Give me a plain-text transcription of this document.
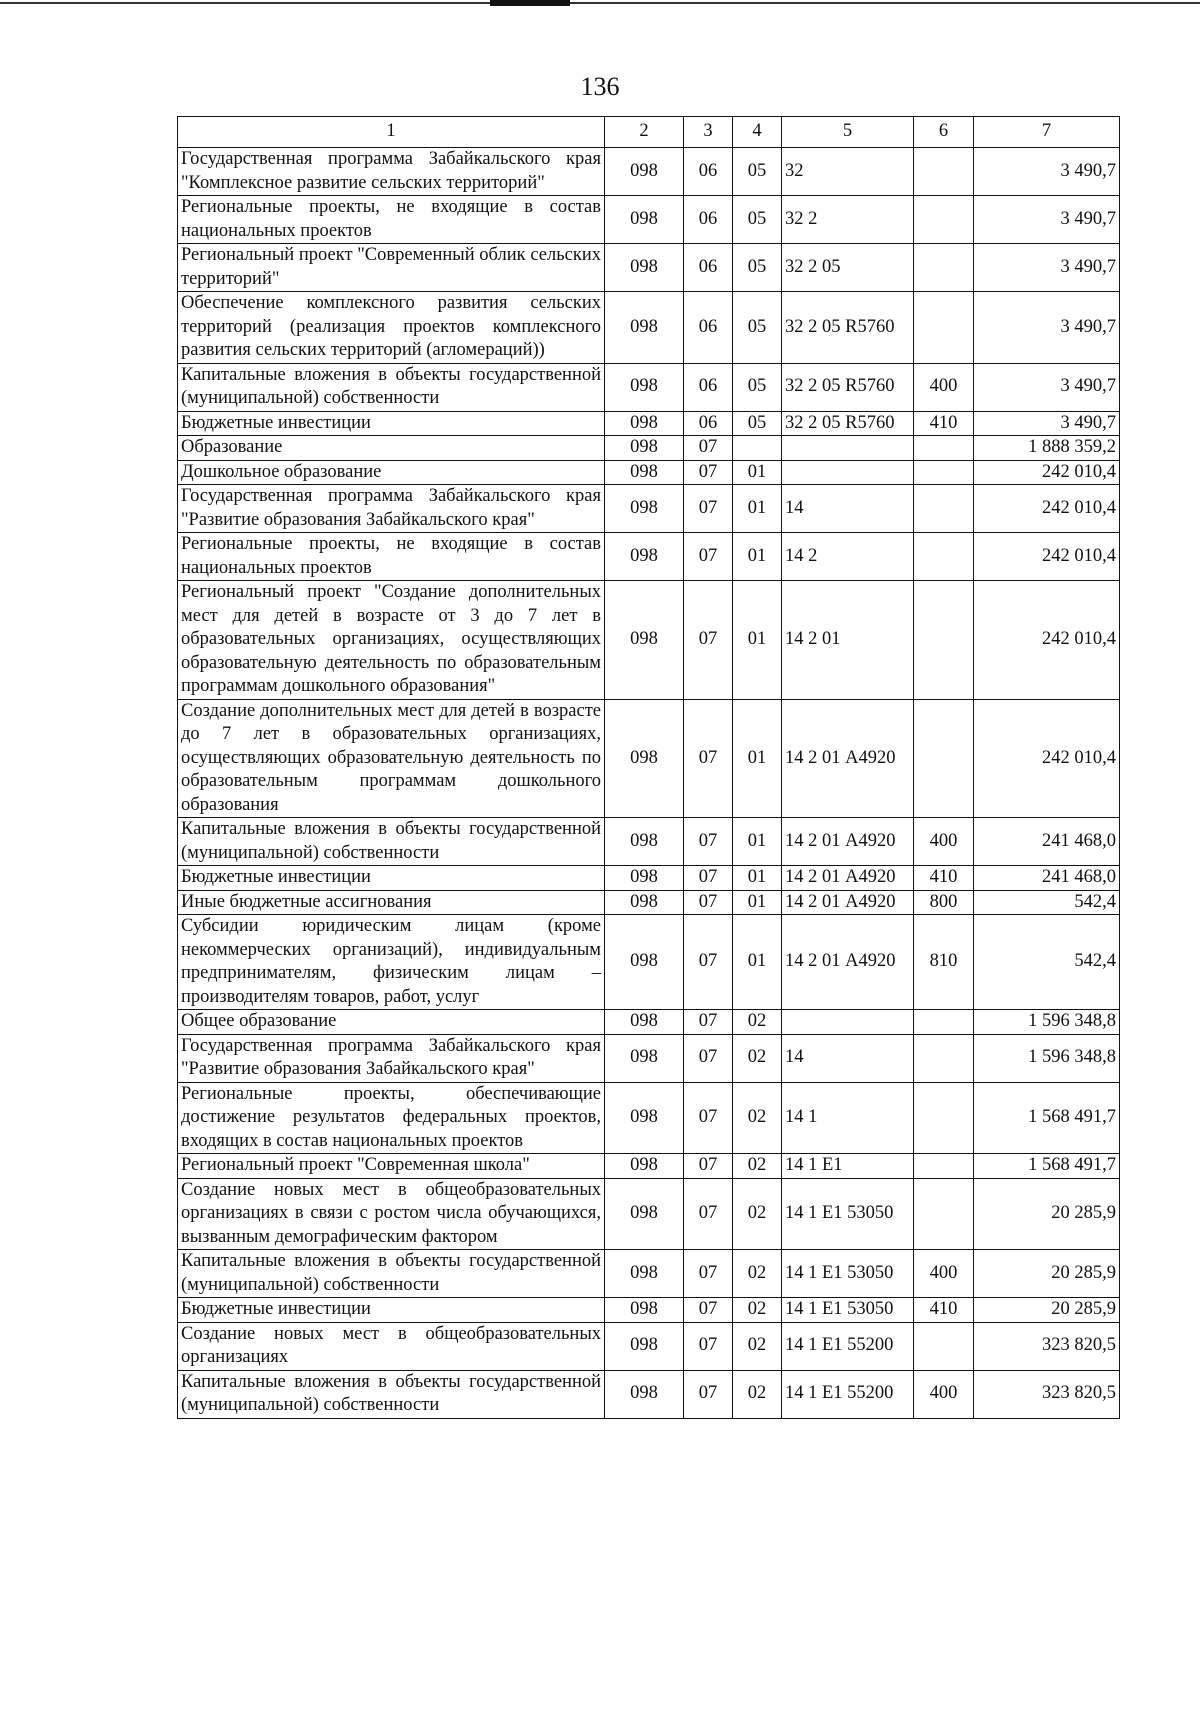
136
1	2	3	4	5	6	7
Государственная программа Забайкальского края "Комплексное развитие сельских территорий"	098	06	05	32		3 490,7
Региональные проекты, не входящие в состав национальных проектов	098	06	05	32 2		3 490,7
Региональный проект "Современный облик сельских территорий"	098	06	05	32 2 05		3 490,7
Обеспечение комплексного развития сельских территорий (реализация проектов комплексного развития сельских территорий (агломераций))	098	06	05	32 2 05 R5760		3 490,7
Капитальные вложения в объекты государственной (муниципальной) собственности	098	06	05	32 2 05 R5760	400	3 490,7
Бюджетные инвестиции	098	06	05	32 2 05 R5760	410	3 490,7
Образование	098	07				1 888 359,2
Дошкольное образование	098	07	01			242 010,4
Государственная программа Забайкальского края "Развитие образования Забайкальского края"	098	07	01	14		242 010,4
Региональные проекты, не входящие в состав национальных проектов	098	07	01	14 2		242 010,4
Региональный проект "Создание дополнительных мест для детей в возрасте от 3 до 7 лет в образовательных организациях, осуществляющих образовательную деятельность по образовательным программам дошкольного образования"	098	07	01	14 2 01		242 010,4
Создание дополнительных мест для детей в возрасте до 7 лет в образовательных организациях, осуществляющих образовательную деятельность по образовательным программам дошкольного образования	098	07	01	14 2 01 А4920		242 010,4
Капитальные вложения в объекты государственной (муниципальной) собственности	098	07	01	14 2 01 А4920	400	241 468,0
Бюджетные инвестиции	098	07	01	14 2 01 А4920	410	241 468,0
Иные бюджетные ассигнования	098	07	01	14 2 01 А4920	800	542,4
Субсидии юридическим лицам (кроме некоммерческих организаций), индивидуальным предпринимателям, физическим лицам – производителям товаров, работ, услуг	098	07	01	14 2 01 А4920	810	542,4
Общее образование	098	07	02			1 596 348,8
Государственная программа Забайкальского края "Развитие образования Забайкальского края"	098	07	02	14		1 596 348,8
Региональные проекты, обеспечивающие достижение результатов федеральных проектов, входящих в состав национальных проектов	098	07	02	14 1		1 568 491,7
Региональный проект "Современная школа"	098	07	02	14 1 Е1		1 568 491,7
Создание новых мест в общеобразовательных организациях в связи с ростом числа обучающихся, вызванным демографическим фактором	098	07	02	14 1 Е1 53050		20 285,9
Капитальные вложения в объекты государственной (муниципальной) собственности	098	07	02	14 1 Е1 53050	400	20 285,9
Бюджетные инвестиции	098	07	02	14 1 Е1 53050	410	20 285,9
Создание новых мест в общеобразовательных организациях	098	07	02	14 1 Е1 55200		323 820,5
Капитальные вложения в объекты государственной (муниципальной) собственности	098	07	02	14 1 Е1 55200	400	323 820,5
